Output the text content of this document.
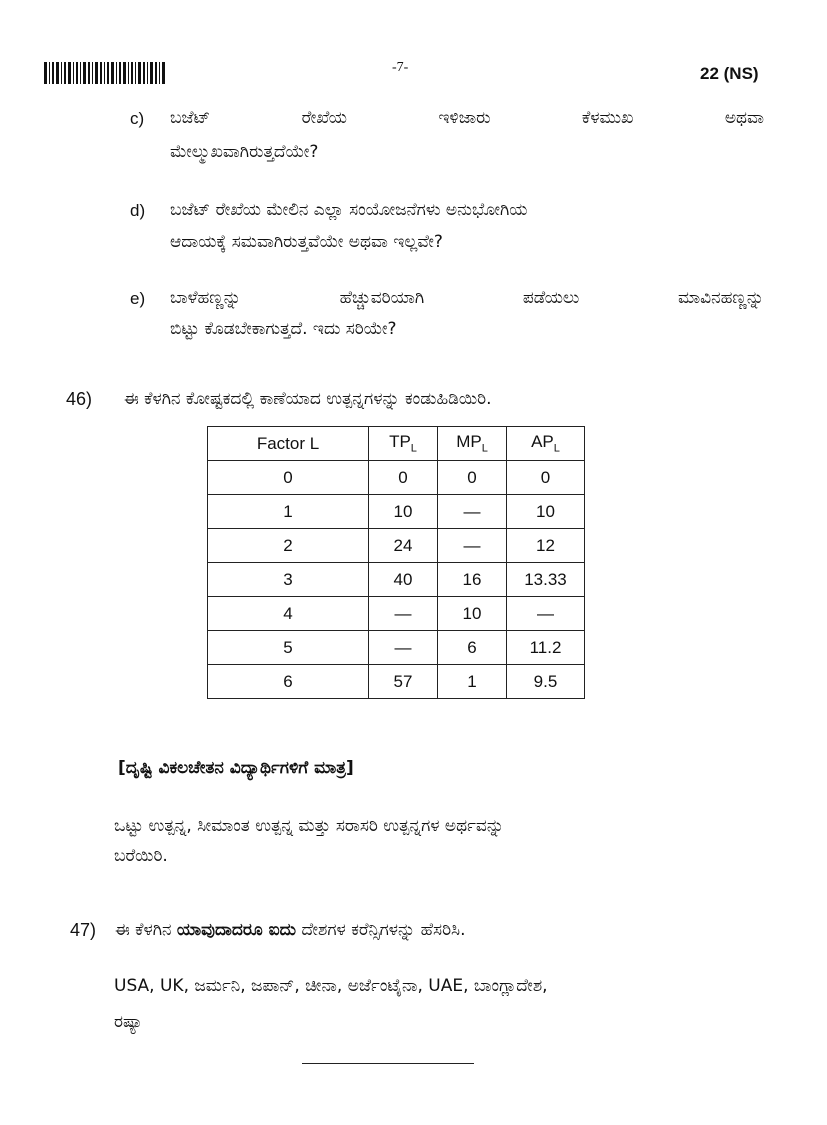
-7-	22 (NS)
c) ಬಜೆಟ್	ರೇಖೆಯ	ಇಳಿಜಾರು	ಕೆಳಮುಖ	ಅಥವಾ
ಮೇಲ್ಮುಖವಾಗಿರುತ್ತದೆಯೇ?
d) ಬಜೆಟ್ ರೇಖೆಯ ಮೇಲಿನ ಎಲ್ಲಾ ಸಂಯೋಜನೆಗಳು ಅನುಭೋಗಿಯ
ಆದಾಯಕ್ಕೆ ಸಮವಾಗಿರುತ್ತವೆಯೇ ಅಥವಾ ಇಲ್ಲವೇ?
e) ಬಾಳೆಹಣ್ಣನ್ನು	ಹೆಚ್ಚುವರಿಯಾಗಿ	ಪಡೆಯಲು	ಮಾವಿನಹಣ್ಣನ್ನು
ಬಿಟ್ಟು ಕೊಡಬೇಕಾಗುತ್ತದೆ. ಇದು ಸರಿಯೇ?
46) ಈ ಕೆಳಗಿನ ಕೋಷ್ಟಕದಲ್ಲಿ ಕಾಣೆಯಾದ ಉತ್ಪನ್ನಗಳನ್ನು ಕಂಡುಹಿಡಿಯಿರಿ.
Factor L	$TP_L$	$MP_L$	$AP_L$
0	0	0	0
1	10	—	10
2	24	—	12
3	40	16	13.33
4	—	10	—
5	—	6	11.2
6	57	1	9.5
[ದೃಷ್ಟಿ ವಿಕಲಚೇತನ ವಿದ್ಯಾರ್ಥಿಗಳಿಗೆ ಮಾತ್ರ]
ಒಟ್ಟು ಉತ್ಪನ್ನ, ಸೀಮಾಂತ ಉತ್ಪನ್ನ ಮತ್ತು ಸರಾಸರಿ ಉತ್ಪನ್ನಗಳ ಅರ್ಥವನ್ನು
ಬರೆಯಿರಿ.
47) ಈ ಕೆಳಗಿನ ಯಾವುದಾದರೂ ಐದು ದೇಶಗಳ ಕರೆನ್ಸಿಗಳನ್ನು ಹೆಸರಿಸಿ.
USA, UK, ಜರ್ಮನಿ, ಜಪಾನ್, ಚೀನಾ, ಅರ್ಜೆಂಟೈನಾ, UAE, ಬಾಂಗ್ಲಾದೇಶ,
ರಷ್ಯಾ
